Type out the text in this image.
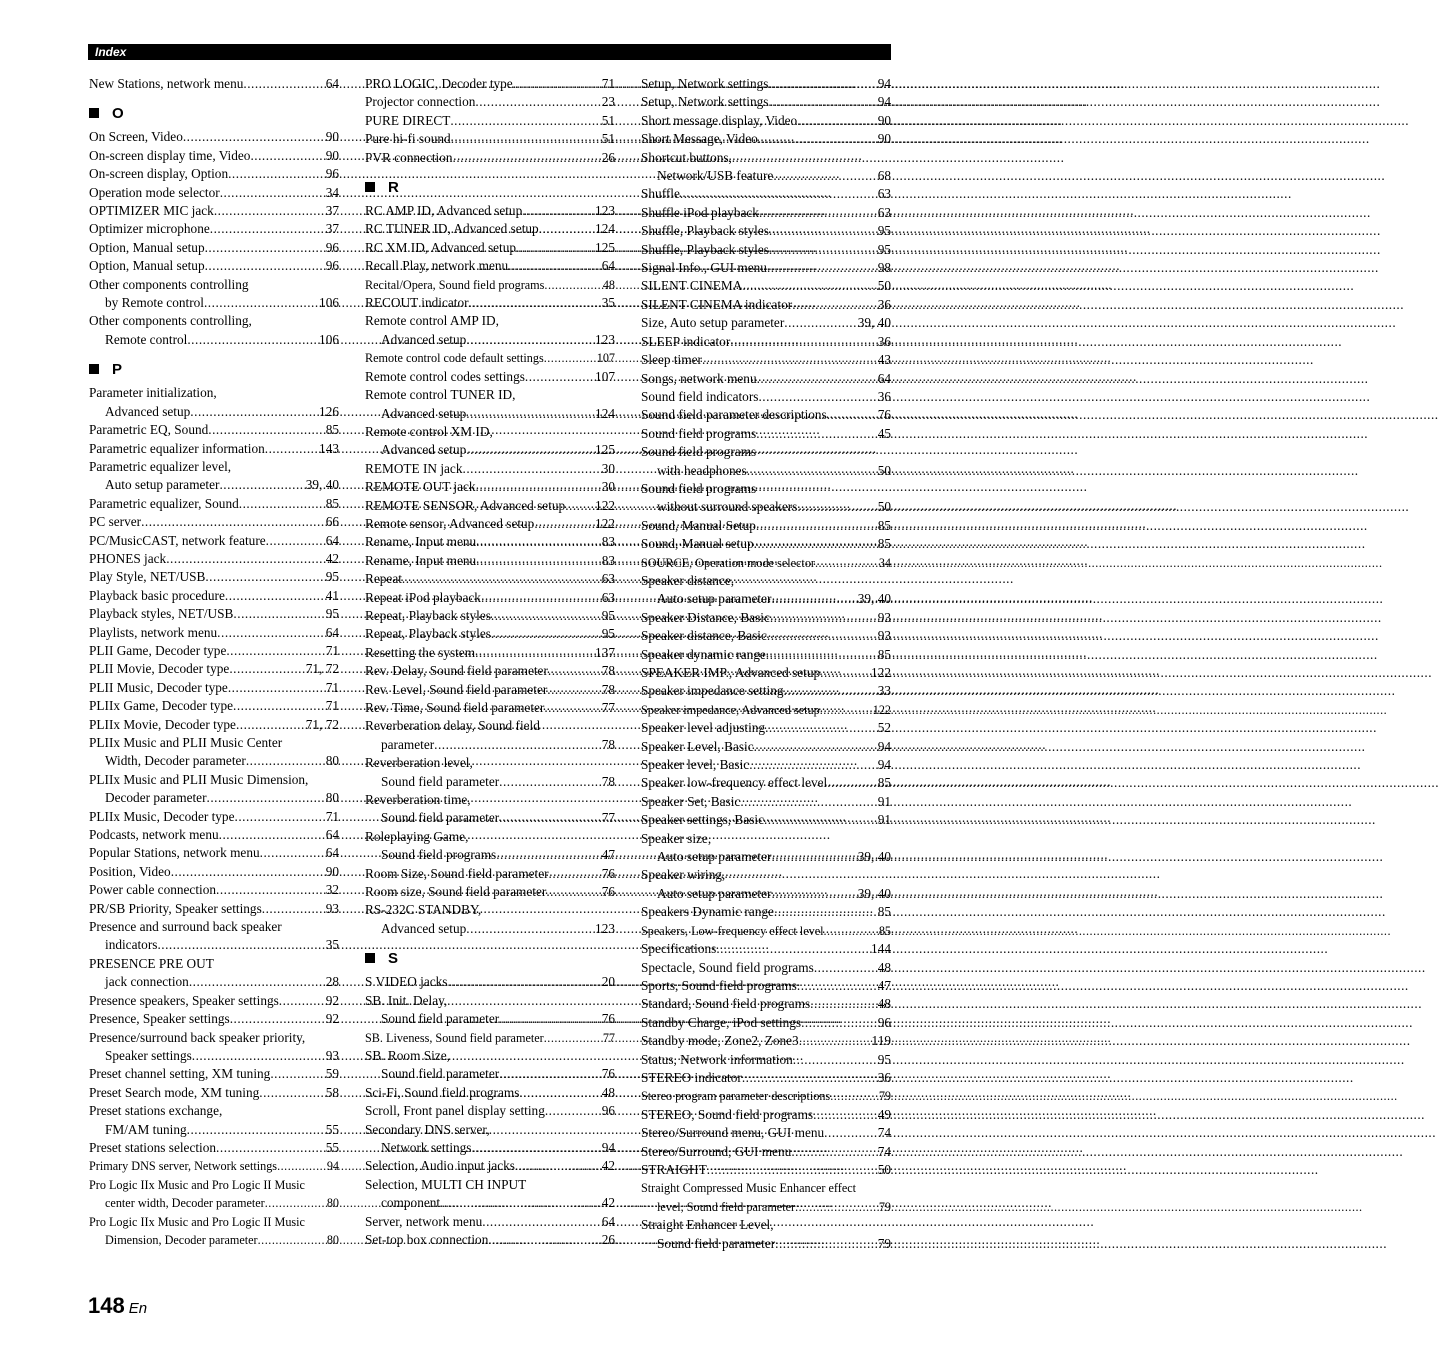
Index
New Stations, network menu .....	64
O
On Screen, Video .....	90
On-screen display time, Video .....	90
On-screen display, Option .....	96
Operation mode selector .....	34
OPTIMIZER MIC jack .....	37
Optimizer microphone .....	37
Option, Manual setup .....	96
Option, Manual setup .....	96
Other components controlling
by Remote control .....	106
Other components controlling,
Remote control .....	106
P
Parameter initialization,
Advanced setup .....	126
Parametric EQ, Sound .....	85
Parametric equalizer information .....	143
Parametric equalizer level,
Auto setup parameter .....	39, 40
Parametric equalizer, Sound .....	85
PC server .....	66
PC/MusicCAST, network feature .....	64
PHONES jack .....	42
Play Style, NET/USB .....	95
Playback basic procedure .....	41
Playback styles, NET/USB .....	95
Playlists, network menu .....	64
PLII Game, Decoder type .....	71
PLII Movie, Decoder type .....	71, 72
PLII Music, Decoder type .....	71
PLIIx Game, Decoder type .....	71
PLIIx Movie, Decoder type .....	71, 72
PLIIx Music and PLII Music Center
Width, Decoder parameter .....	80
PLIIx Music and PLII Music Dimension,
Decoder parameter .....	80
PLIIx Music, Decoder type .....	71
Podcasts, network menu .....	64
Popular Stations, network menu .....	64
Position, Video .....	90
Power cable connection .....	32
PR/SB Priority, Speaker settings .....	93
Presence and surround back speaker
indicators .....	35
PRESENCE PRE OUT
jack connection .....	28
Presence speakers, Speaker settings .....	92
Presence, Speaker settings .....	92
Presence/surround back speaker priority,
Speaker settings .....	93
Preset channel setting, XM tuning .....	59
Preset Search mode, XM tuning .....	58
Preset stations exchange,
FM/AM tuning .....	55
Preset stations selection .....	55
Primary DNS server, Network settings .....	94
Pro Logic IIx Music and Pro Logic II Music
center width, Decoder parameter .....	80
Pro Logic IIx Music and Pro Logic II Music
Dimension, Decoder parameter .....	80
PRO LOGIC, Decoder type .....	71
Projector connection .....	23
PURE DIRECT .....	51
Pure hi-fi sound .....	51
PVR connection .....	26
R
RC AMP ID, Advanced setup .....	123
RC TUNER ID, Advanced setup .....	124
RC XM ID, Advanced setup .....	125
Recall Play, network menu .....	64
Recital/Opera, Sound field programs .....	48
RECOUT indicator .....	35
Remote control AMP ID,
Advanced setup .....	123
Remote control code default settings .....	107
Remote control codes settings .....	107
Remote control TUNER ID,
Advanced setup .....	124
Remote control XM ID,
Advanced setup .....	125
REMOTE IN jack .....	30
REMOTE OUT jack .....	30
REMOTE SENSOR, Advanced setup ..... 122
Remote sensor, Advanced setup .....	122
Rename, Input menu .....	83
Rename, Input menu .....	83
Repeat .....	63
Repeat iPod playback .....	63
Repeat, Playback styles .....	95
Repeat, Playback styles .....	95
Resetting the system .....	137
Rev. Delay, Sound field parameter .....	78
Rev. Level, Sound field parameter .....	78
Rev. Time, Sound field parameter .....	77
Reverberation delay, Sound field
parameter .....	78
Reverberation level,
Sound field parameter .....	78
Reverberation time,
Sound field parameter .....	77
Roleplaying Game,
Sound field programs .....	47
Room Size, Sound field parameter .....	76
Room size, Sound field parameter .....	76
RS-232C STANDBY,
Advanced setup .....	123
S
S VIDEO jacks .....	20
SB. Init. Delay,
Sound field parameter .....	76
SB. Liveness, Sound field parameter .....	77
SB. Room Size,
Sound field parameter .....	76
Sci-Fi, Sound field programs .....	48
Scroll, Front panel display setting .....	96
Secondary DNS server,
Network settings .....	94
Selection, Audio input jacks .....	42
Selection, MULTI CH INPUT
component .....	42
Server, network menu .....	64
Set-top box connection .....	26
Setup, Network settings .....	94
Setup, Network settings .....	94
Short message display, Video .....	90
Short Message, Video .....	90
Shortcut buttons,
Network/USB feature .....	68
Shuffle .....	63
Shuffle iPod playback .....	63
Shuffle, Playback styles .....	95
Shuffle, Playback styles .....	95
Signal Info., GUI menu .....	98
SILENT CINEMA .....	50
SILENT CINEMA indicator .....	36
Size, Auto setup parameter .....	39, 40
SLEEP indicator .....	36
Sleep timer .....	43
Songs, network menu .....	64
Sound field indicators .....	36
Sound field parameter descriptions .....	76
Sound field programs .....	45
Sound field programs
with headphones .....	50
Sound field programs
without surround speakers .....	50
Sound, Manual Setup .....	85
Sound, Manual setup .....	85
SOURCE, Operation mode selector .....	34
Speaker distance,
Auto setup parameter .....	39, 40
Speaker Distance, Basic .....	93
Speaker distance, Basic .....	93
Speaker dynamic range .....	85
SPEAKER IMP., Advanced setup .....	122
Speaker impedance setting .....	33
Speaker impedance, Advanced setup .....	122
Speaker level adjusting .....	52
Speaker Level, Basic .....	94
Speaker level, Basic .....	94
Speaker low-frequency effect level .....	85
Speaker Set, Basic .....	91
Speaker settings, Basic .....	91
Speaker size,
Auto setup parameter .....	39, 40
Speaker wiring,
Auto setup parameter .....	39, 40
Speakers Dynamic range .....	85
Speakers, Low-frequency effect level .....	85
Specifications .....	144
Spectacle, Sound field programs .....	48
Sports, Sound field programs .....	47
Standard, Sound field programs .....	48
Standby Charge, iPod settings .....	96
Standby mode, Zone2, Zone3 .....	119
Status, Network information .....	95
STEREO indicator .....	36
Stereo program parameter descriptions .....	79
STEREO, Sound field programs .....	49
Stereo/Surround menu, GUI menu .....	74
Stereo/Surround, GUI menu .....	74
STRAIGHT .....	50
Straight Compressed Music Enhancer effect
level, Sound field parameter .....	79
Straight Enhancer Level,
Sound field parameter .....	79
148 En
